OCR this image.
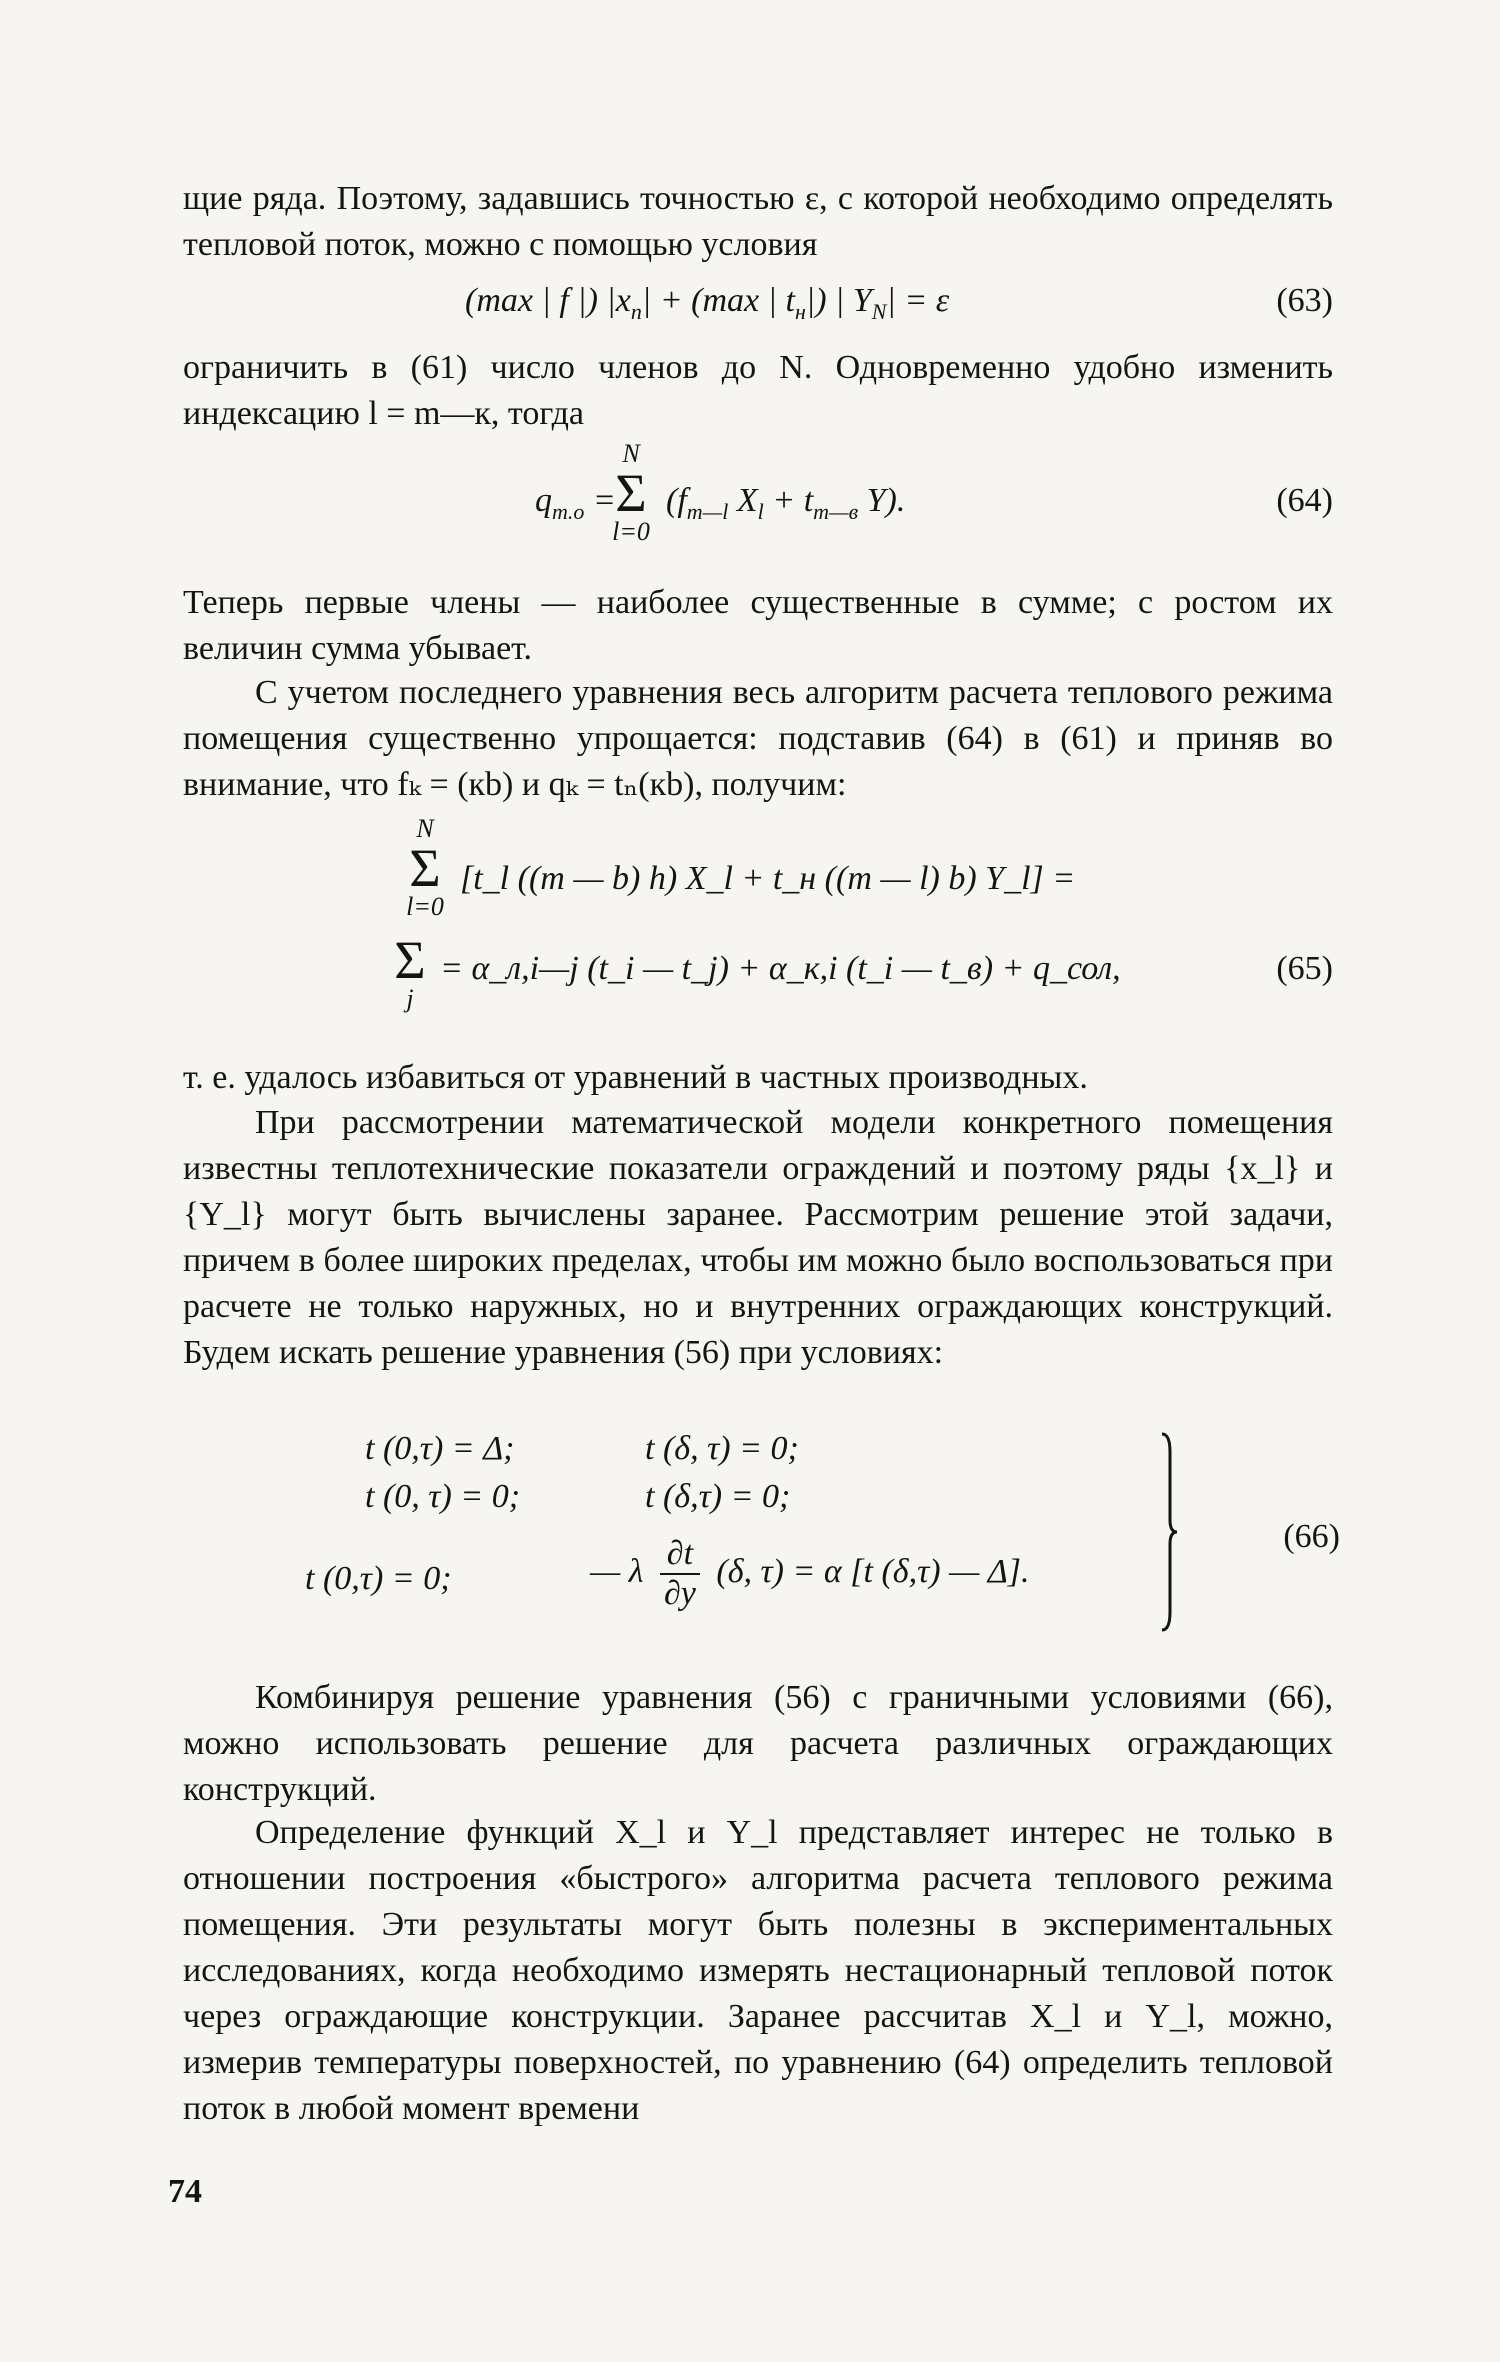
щие ряда. Поэтому, задавшись точностью ε, с которой необходимо определять тепловой поток, можно с помощью условия

(max | f |) $|x_п| + (\max$ | $t_н|$) | $Y_N| = \varepsilon$	(63)

ограничить в (61) число членов до N. Одновременно удобно изменить индексацию l = m—к, тогда

$q_{m.o}$ =
N
Σ
l=0
($f_{m—l}$ $X_l + t_{m—в}$ Y).	(64)

Теперь первые члены — наиболее существенные в сумме; с ростом их величин сумма убывает.

С учетом последнего уравнения весь алгоритм расчета теплового режима помещения существенно упрощается: подставив (64) в (61) и приняв во внимание, что fₖ = (кb) и qₖ = tₙ(кb), получим:

N
Σ
l=0
[t_l ((m — b) h) X_l + t_н ((m — l) b) Y_l] =
Σ
j
= α_л,i—j (t_i — t_j) + α_к,i (t_i — t_в) + q_сол,	(65)

т. е. удалось избавиться от уравнений в частных производных.

При рассмотрении математической модели конкретного помещения известны теплотехнические показатели ограждений и поэтому ряды {x_l} и {Y_l} могут быть вычислены заранее. Рассмотрим решение этой задачи, причем в более широких пределах, чтобы им можно было воспользоваться при расчете не только наружных, но и внутренних ограждающих конструкций. Будем искать решение уравнения (56) при условиях:

t (0,τ) = Δ;	t (δ, τ) = 0;
t (0, τ) = 0;	t (δ,τ) = 0;
t (0,τ) = 0;	— λ $\frac{\partial t}{\partial y} (\delta$, τ) = α [t (δ,τ) — Δ].
(66)

Комбинируя решение уравнения (56) с граничными условиями (66), можно использовать решение для расчета различных ограждающих конструкций.

Определение функций X_l и Y_l представляет интерес не только в отношении построения «быстрого» алгоритма расчета теплового режима помещения. Эти результаты могут быть полезны в экспериментальных исследованиях, когда необходимо измерять нестационарный тепловой поток через ограждающие конструкции. Заранее рассчитав X_l и Y_l, можно, измерив температуры поверхностей, по уравнению (64) определить тепловой поток в любой момент времени

74
